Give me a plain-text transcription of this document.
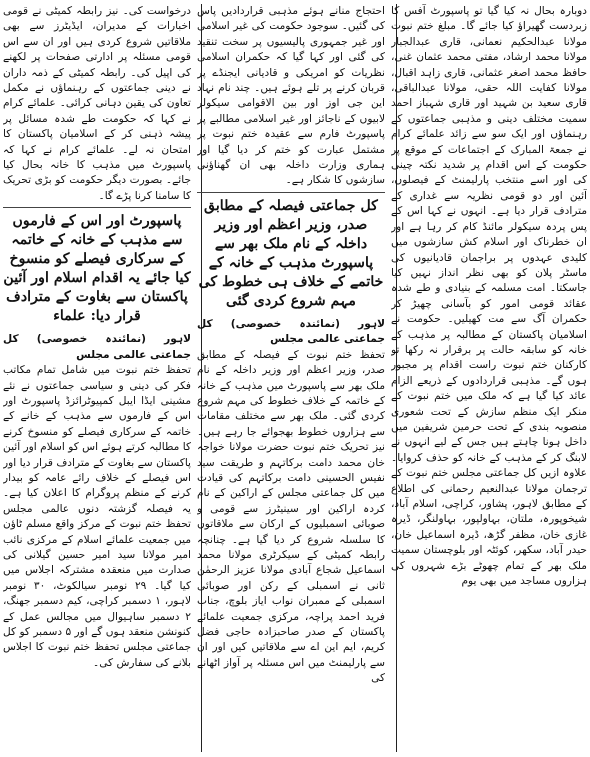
دوبارہ بحال نہ کیا گیا تو پاسپورٹ آفس کا زبردست گھیراؤ کیا جائے گا۔ مبلغ ختم نبوت مولانا عبدالحکیم نعمانی، قاری عبدالجبار مولانا محمد ارشاد، مفتی محمد عثمان غنی، حافظ محمد اصغر عثمانی، قاری زاہد اقبال، مولانا کفایت اللہ حقی، مولانا عبدالباقی، قاری سعید بن شہید اور قاری شہباز احمد سمیت مختلف دینی و مذہبی جماعتوں کے رہنماؤں اور ایک سو سے زائد علمائے کرام نے جمعۃ المبارک کے اجتماعات کے موقع پر حکومت کے اس اقدام پر شدید نکتہ چینی کی اور اسے منتخب پارلیمنٹ کے فیصلوں، آئین اور دو قومی نظریہ سے غداری کے مترادف قرار دیا ہے۔ انہوں نے کہا اس کے پس پردہ سیکولر مائنڈ کام کر رہا ہے اور ان خطرناک اور اسلام کش سازشوں میں کلیدی عہدوں پر براجمان قادیانیوں کی ماسٹر پلان کو بھی نظر انداز نہیں کیا جاسکتا۔ امت مسلمہ کے بنیادی و طے شدہ عقائد قومی امور کو بآسانی چھیڑ کر حکمران آگ سے مت کھیلیں۔ حکومت نے اسلامیان پاکستان کے مطالبہ پر مذہب کے خانہ کو سابقہ حالت پر برقرار نہ رکھا تو کارکنان ختم نبوت راست اقدام پر مجبور ہوں گے۔ مذہبی قراردادوں کے ذریعے الزام عائد کیا گیا ہے کہ ملک میں ختم نبوت کے منکر ایک منظم سازش کے تحت شعوری منصوبہ بندی کے تحت حرمین شریفین میں داخل ہونا چاہتے ہیں جس کے لیے انہوں نے لابنگ کر کے مذہب کے خانہ کو حذف کروایا۔ علاوہ ازیں کل جماعتی مجلس ختم نبوت کے ترجمان مولانا عبدالنعیم رحمانی کی اطلاع کے مطابق لاہور، پشاور، کراچی، اسلام آباد، شیخوپورہ، ملتان، بہاولپور، بہاولنگر، ڈیرہ غازی خان، مظفر گڑھ، ڈیرہ اسماعیل خان، حیدر آباد، سکھر، کوئٹہ اور بلوچستان سمیت ملک بھر کے تمام چھوٹے بڑے شہروں کی ہزاروں مساجد میں بھی یوم

احتجاج منانے ہوئے مذہبی قراردادیں پاس کی گئیں۔ سوجود حکومت کی غیر اسلامی اور غیر جمہوری پالیسیوں پر سخت تنقید کی گئی اور کہا گیا کہ حکمران اسلامی نظریات کو امریکی و قادیانی ایجنڈے پر قربان کرنے پر تلے ہوئے ہیں۔ چند نام نہاد این جی اوز اور بین الاقوامی سیکولر لابیوں کے ناجائز اور غیر اسلامی مطالبے پر پاسپورٹ فارم سے عقیدہ ختم نبوت پر مشتمل عبارت کو ختم کر دیا گیا اور ہماری وزارت داخلہ بھی ان گھناؤنی سازشوں کا شکار ہے۔

کل جماعتی فیصلہ کے مطابق صدر، وزیر اعظم اور وزیر داخلہ کے نام ملک بھر سے پاسپورٹ مذہب کے خانہ کے خاتمے کے خلاف ہی خطوط کی مہم شروع کردی گئی

لاہور (نمائندہ خصوصی) کل جماعتی عالمی مجلس

تحفظ ختم نبوت کے فیصلہ کے مطابق صدر، وزیر اعظم اور وزیر داخلہ کے نام ملک بھر سے پاسپورٹ میں مذہب کے خانہ کے خاتمہ کے خلاف خطوط کی مہم شروع کردی گئی۔ ملک بھر سے مختلف مقامات سے ہزاروں خطوط بھجوائے جا رہے ہیں۔ نیز تحریک ختم نبوت حضرت مولانا خواجہ خان محمد دامت برکاتہم و طریقت سید نفیس الحسینی دامت برکاتہم کی قیادت میں کل جماعتی مجلس کے اراکین کے نام کردہ اراکین اور سینیٹرز سے قومی و صوبائی اسمبلیوں کے ارکان سے ملاقاتوں کا سلسلہ شروع کر دیا گیا ہے۔ چنانچہ رابطہ کمیٹی کے سیکرٹری مولانا محمد اسماعیل شجاع آبادی مولانا عزیز الرحمٰن ثانی نے اسمبلی کے رکن اور صوبائی اسمبلی کے ممبران نواب ایاز بلوچ، جناب فرید احمد پراچہ، مرکزی جمعیت علمائے پاکستان کے صدر صاحبزادہ حاجی فضل کریم، ایم این اے سے ملاقاتیں کیں اور ان سے پارلیمنٹ میں اس مسئلہ پر آواز اٹھانے کی

درخواست کی۔ نیز رابطہ کمیٹی نے قومی اخبارات کے مدیران، ایڈیٹرز سے بھی ملاقاتیں شروع کردی ہیں اور ان سے اس قومی مسئلہ پر ادارتی صفحات پر لکھنے کی اپیل کی۔ رابطہ کمیٹی کے ذمہ داران نے دینی جماعتوں کے رہنماؤں نے مکمل تعاون کی یقین دہانی کرائی۔ علمائے کرام نے کہا کہ حکومت طے شدہ مسائل پر پیشہ ذہنی کر کے اسلامیان پاکستان کا امتحان نہ لے۔ علمائے کرام نے کہا کہ پاسپورٹ میں مذہب کا خانہ بحال کیا جائے۔ بصورت دیگر حکومت کو بڑی تحریک کا سامنا کرنا پڑے گا۔

پاسپورٹ اور اس کے فارموں سے مذہب کے خانہ کے خاتمہ کے سرکاری فیصلے کو منسوخ کیا جائے یہ اقدام اسلام اور آئین پاکستان سے بغاوت کے مترادف قرار دیا: علماء

لاہور (نمائندہ خصوصی) کل جماعتی عالمی مجلس

تحفظ ختم نبوت میں شامل تمام مکاتب فکر کی دینی و سیاسی جماعتوں نے نئے مشینی ایڈا ایبل کمپیوٹرائزڈ پاسپورٹ اور اس کے فارموں سے مذہب کے خانے کے خاتمہ کے سرکاری فیصلے کو منسوخ کرنے کا مطالبہ کرتے ہوئے اس کو اسلام اور آئین پاکستان سے بغاوت کے مترادف قرار دیا اور اس فیصلے کے خلاف رائے عامہ کو بیدار کرنے کے منظم پروگرام کا اعلان کیا ہے۔ یہ فیصلہ گزشتہ دنوں عالمی مجلس تحفظ ختم نبوت کے مرکز واقع مسلم ٹاؤن میں جمعیت علمائے اسلام کے مرکزی نائب امیر مولانا سید امیر حسین گیلانی کی صدارت میں منعقدہ مشترکہ اجلاس میں کیا گیا۔ ۲۹ نومبر سیالکوٹ، ۳۰ نومبر لاہور، ۱ دسمبر کراچی، کیم دسمبر جھنگ، ۲ دسمبر ساہیوال میں مجالس عمل کے کنونشن منعقد ہوں گے اور ۵ دسمبر کو کل جماعتی مجلس تحفظ ختم نبوت کا اجلاس بلانے کی سفارش کی۔
